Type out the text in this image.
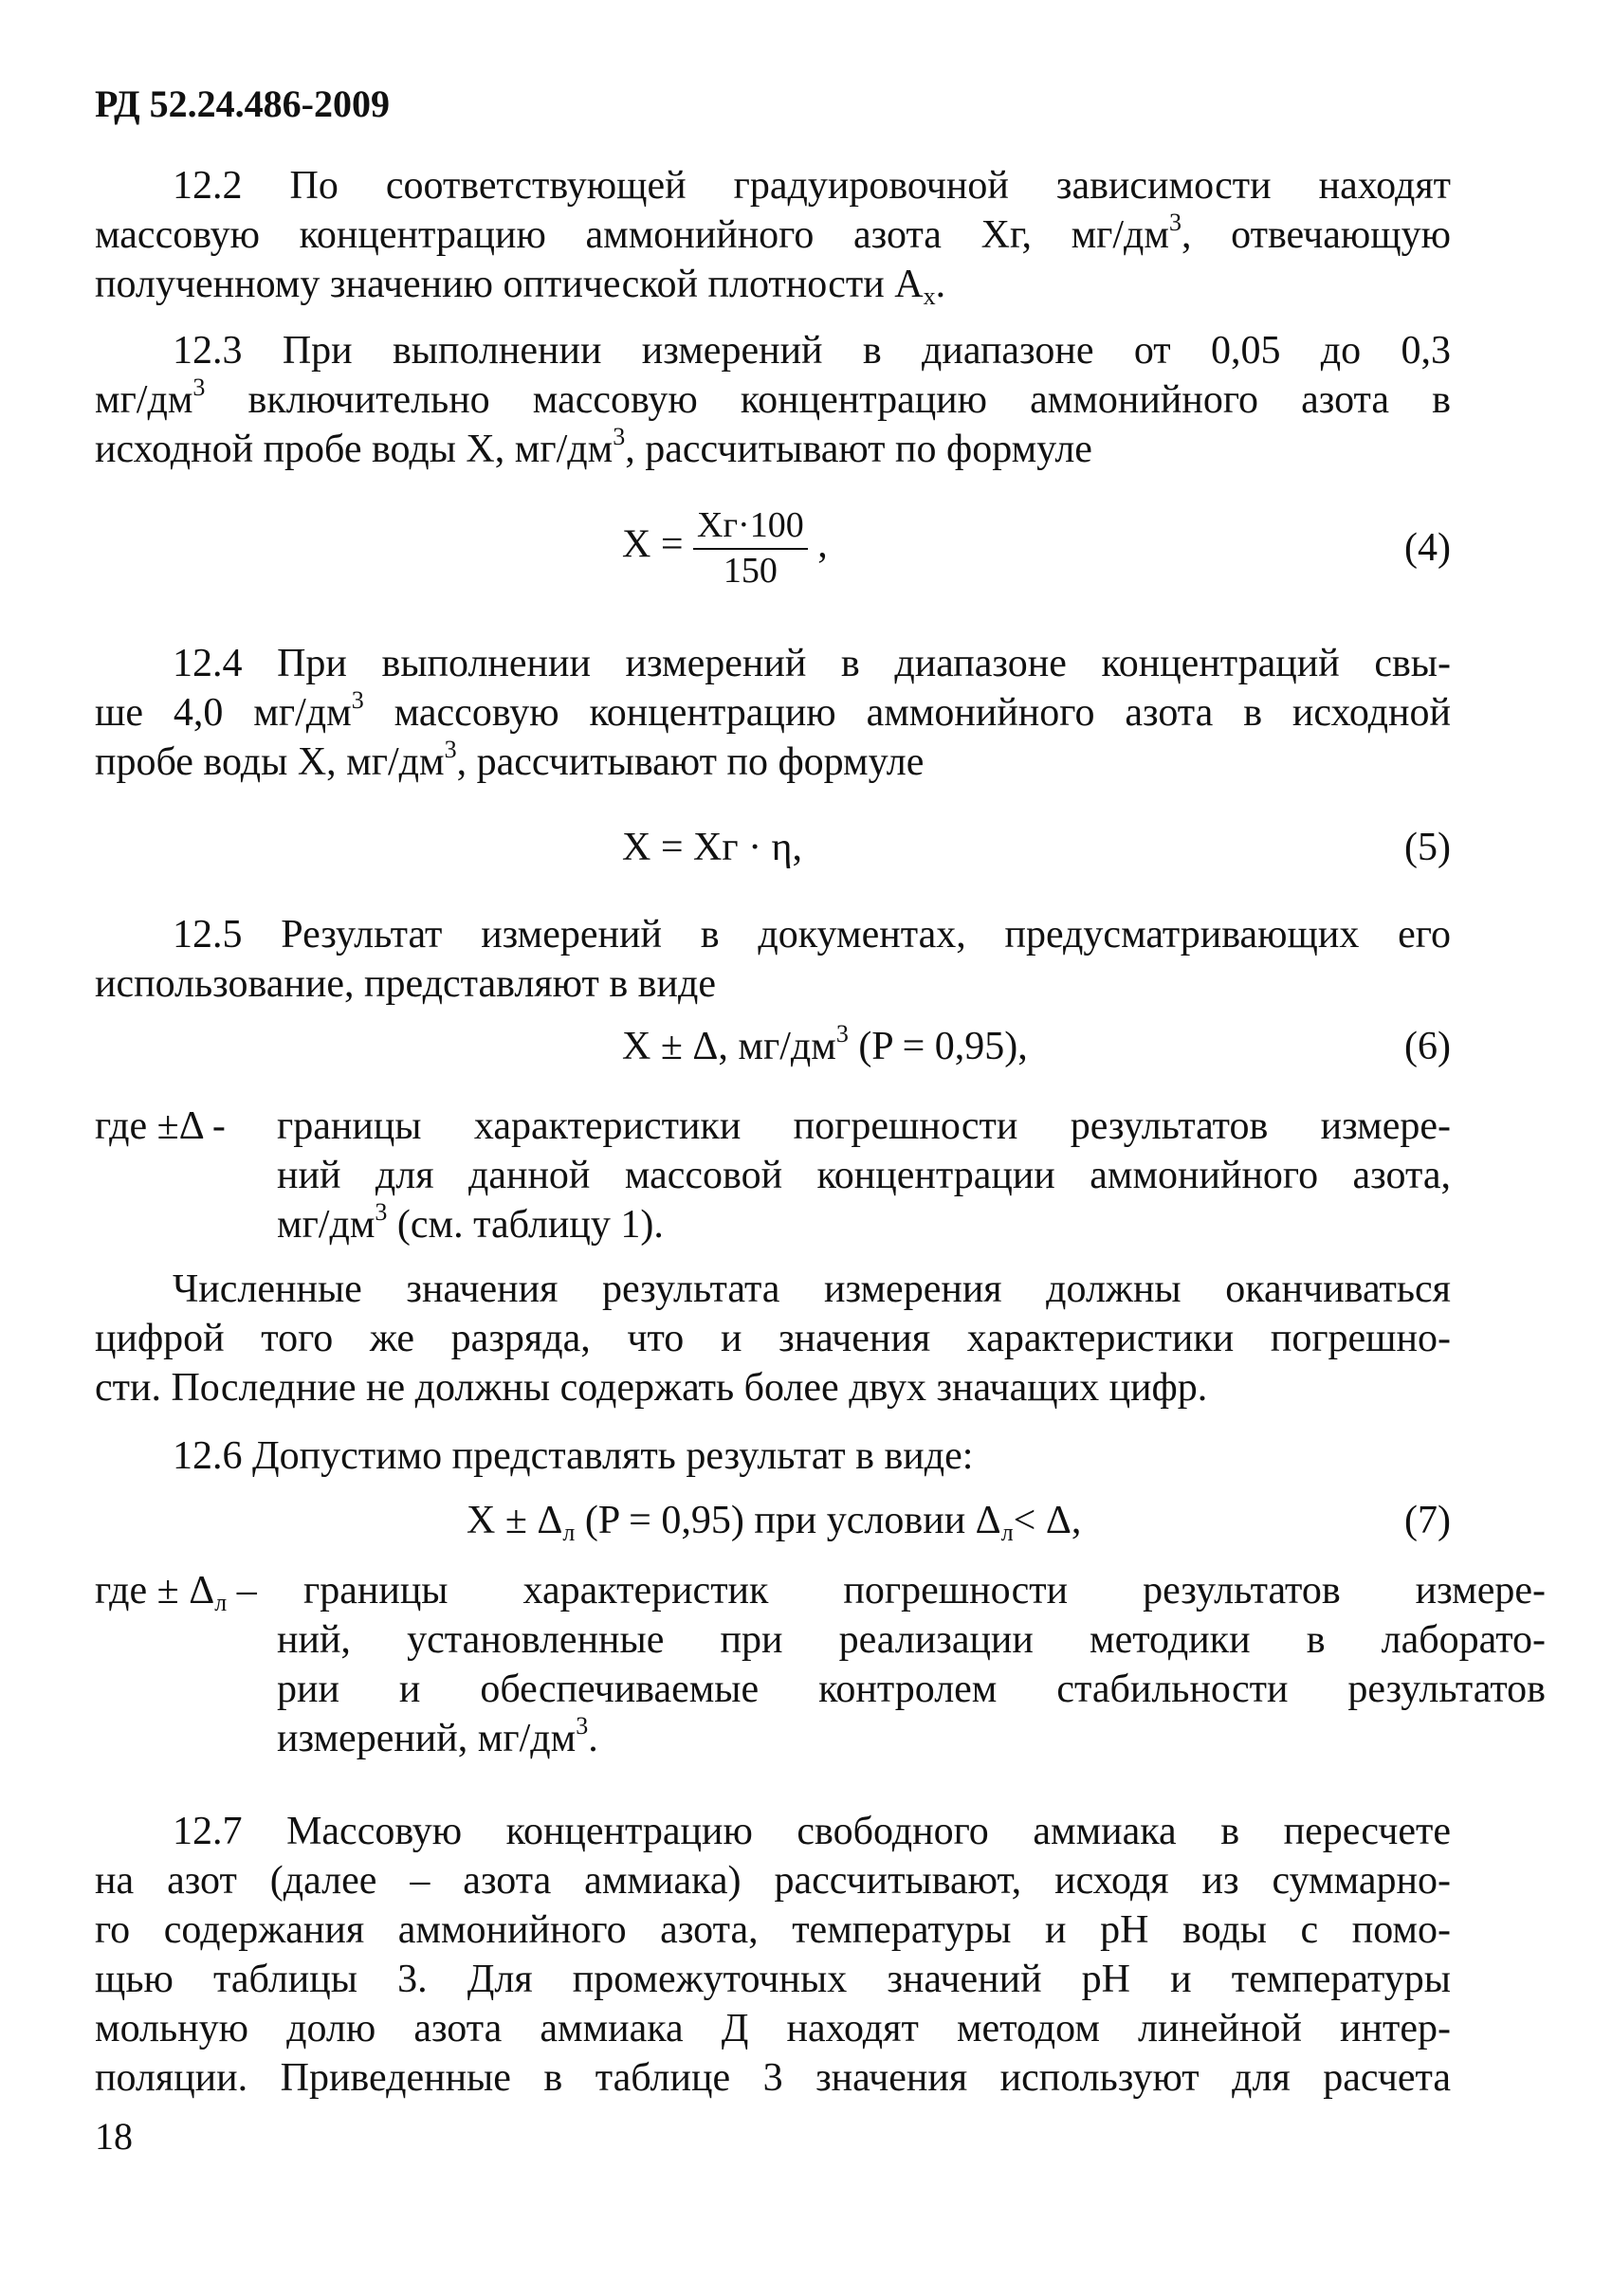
РД 52.24.486-2009
12.2 По соответствующей градуировочной зависимости находят
массовую концентрацию аммонийного азота Xг, $мг/дм^3$, отвечающую
полученному значению оптической плотности $A_x$.
12.3 При выполнении измерений в диапазоне от 0,05 до 0,3
$мг/дм^3$ включительно массовую концентрацию аммонийного азота в
исходной пробе воды X, $мг/дм^3$, рассчитывают по формуле
$X = \frac{Xг\cdot 100}{150}$ ,	(4)
12.4 При выполнении измерений в диапазоне концентраций свы-
ше 4,0 $мг/дм^3$ массовую концентрацию аммонийного азота в исходной
пробе воды X, $мг/дм^3$, рассчитывают по формуле
X = Xг · η,	(5)
12.5 Результат измерений в документах, предусматривающих его
использование, представляют в виде
X ± Δ, $мг/дм^3$ (P = 0,95),	(6)
где ±Δ - границы характеристики погрешности результатов измере-
ний для данной массовой концентрации аммонийного азота,
$мг/дм^3$ (см. таблицу 1).
Численные значения результата измерения должны оканчиваться
цифрой того же разряда, что и значения характеристики погрешно-
сти. Последние не должны содержать более двух значащих цифр.
12.6 Допустимо представлять результат в виде:
$X \pm \Delta_л$ (P = 0,95) при условии $\Delta_л< \Delta$,	(7)
где ± $\Delta_л$ – границы характеристик погрешности результатов измере-
ний, установленные при реализации методики в лаборато-
рии и обеспечиваемые контролем стабильности результатов
измерений, $мг/дм^3$.
12.7 Массовую концентрацию свободного аммиака в пересчете
на азот (далее – азота аммиака) рассчитывают, исходя из суммарно-
го содержания аммонийного азота, температуры и pH воды с помо-
щью таблицы 3. Для промежуточных значений pH и температуры
мольную долю азота аммиака Д находят методом линейной интер-
поляции. Приведенные в таблице 3 значения используют для расчета
18
